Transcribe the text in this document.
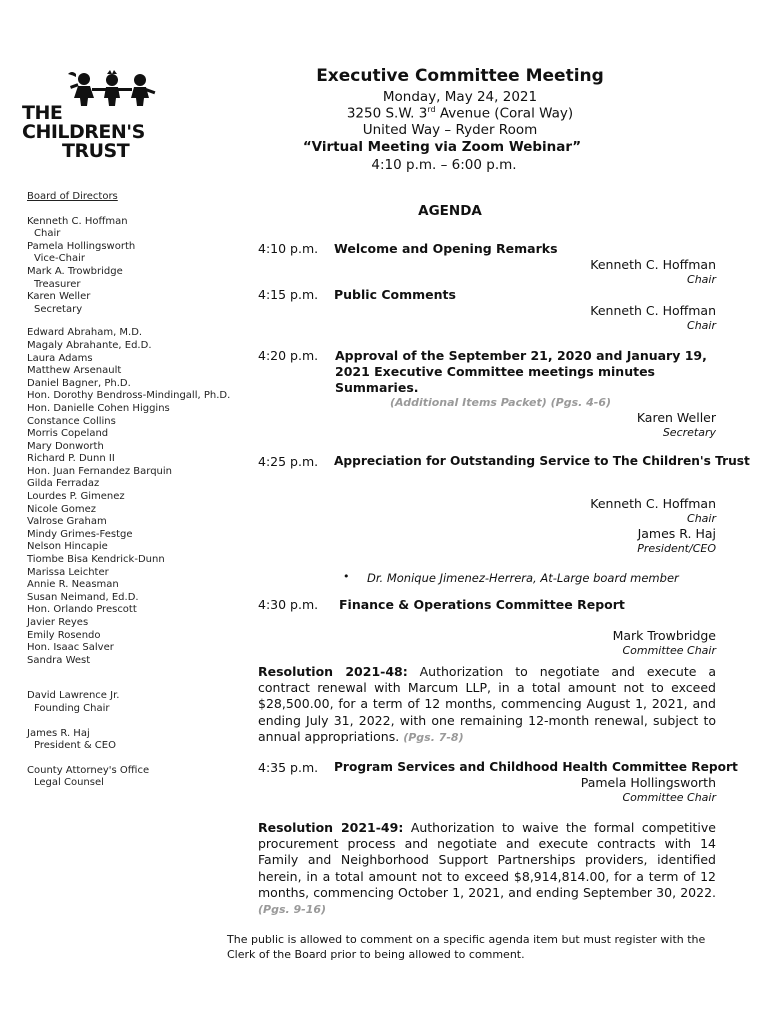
THE
CHILDREN'S
TRUST
Board of Directors
Kenneth C. Hoffman
Chair
Pamela Hollingsworth
Vice-Chair
Mark A. Trowbridge
Treasurer
Karen Weller
Secretary
Edward Abraham, M.D.
Magaly Abrahante, Ed.D.
Laura Adams
Matthew Arsenault
Daniel Bagner, Ph.D.
Hon. Dorothy Bendross-Mindingall, Ph.D.
Hon. Danielle Cohen Higgins
Constance Collins
Morris Copeland
Mary Donworth
Richard P. Dunn II
Hon. Juan Fernandez Barquin
Gilda Ferradaz
Lourdes P. Gimenez
Nicole Gomez
Valrose Graham
Mindy Grimes-Festge
Nelson Hincapie
Tiombe Bisa Kendrick-Dunn
Marissa Leichter
Annie R. Neasman
Susan Neimand, Ed.D.
Hon. Orlando Prescott
Javier Reyes
Emily Rosendo
Hon. Isaac Salver
Sandra West
David Lawrence Jr.
Founding Chair
James R. Haj
President & CEO
County Attorney's Office
Legal Counsel
Executive Committee Meeting
Monday, May 24, 2021
3250 S.W. 3rd Avenue (Coral Way)
United Way – Ryder Room
“Virtual Meeting via Zoom Webinar”
4:10 p.m. – 6:00 p.m.
AGENDA
4:10 p.m. Welcome and Opening Remarks
Kenneth C. Hoffman
Chair
4:15 p.m. Public Comments
Kenneth C. Hoffman
Chair
4:20 p.m. Approval of the September 21, 2020 and January 19,
2021 Executive Committee meetings minutes
Summaries.
(Additional Items Packet) (Pgs. 4-6)
Karen Weller
Secretary
4:25 p.m. Appreciation for Outstanding Service to The Children's Trust
Kenneth C. Hoffman
Chair
James R. Haj
President/CEO
• Dr. Monique Jimenez-Herrera, At-Large board member
4:30 p.m. Finance & Operations Committee Report
Mark Trowbridge
Committee Chair
Resolution 2021-48: Authorization to negotiate and execute a contract renewal with Marcum LLP, in a total amount not to exceed $28,500.00, for a term of 12 months, commencing August 1, 2021, and ending July 31, 2022, with one remaining 12-month renewal, subject to annual appropriations. (Pgs. 7-8)
4:35 p.m. Program Services and Childhood Health Committee Report
Pamela Hollingsworth
Committee Chair
Resolution 2021-49: Authorization to waive the formal competitive procurement process and negotiate and execute contracts with 14 Family and Neighborhood Support Partnerships providers, identified herein, in a total amount not to exceed $8,914,814.00, for a term of 12 months, commencing October 1, 2021, and ending September 30, 2022. (Pgs. 9-16)
The public is allowed to comment on a specific agenda item but must register with the Clerk of the Board prior to being allowed to comment.
